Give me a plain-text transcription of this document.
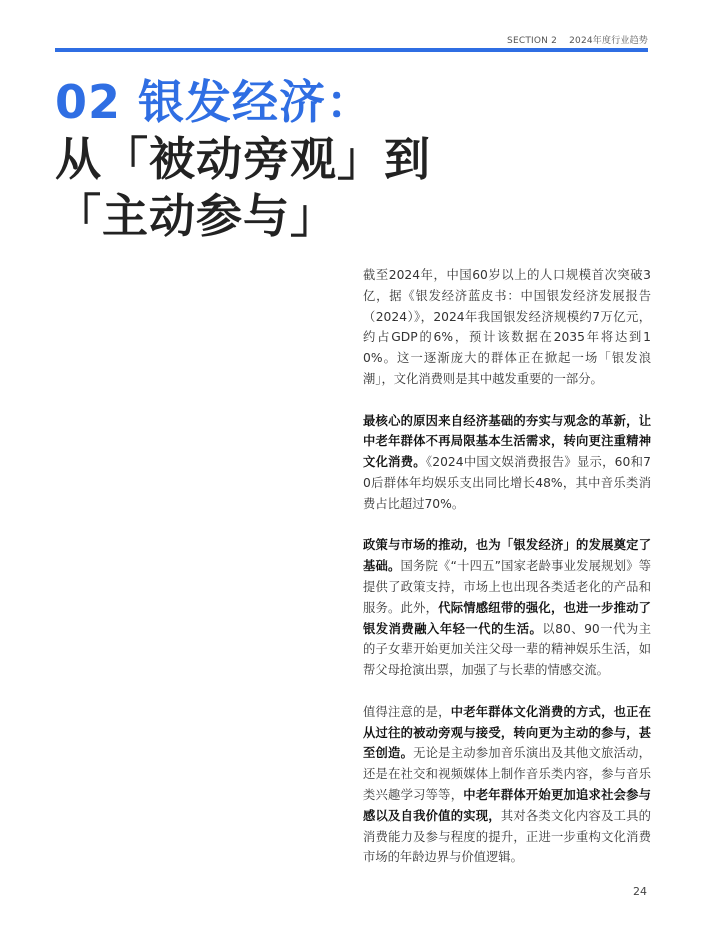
SECTION 2 2024年度行业趋势
02 银发经济：
从「被动旁观」到
「主动参与」

截至2024年，中国60岁以上的人口规模首次突破3亿，据《银发经济蓝皮书：中国银发经济发展报告（2024）》，2024年我国银发经济规模约7万亿元，约占GDP的6%，预计该数据在2035年将达到10%。这一逐渐庞大的群体正在掀起一场「银发浪潮」，文化消费则是其中越发重要的一部分。

最核心的原因来自经济基础的夯实与观念的革新，让中老年群体不再局限基本生活需求，转向更注重精神文化消费。《2024中国文娱消费报告》显示，60和70后群体年均娱乐支出同比增长48%，其中音乐类消费占比超过70%。

政策与市场的推动，也为「银发经济」的发展奠定了基础。国务院《“十四五”国家老龄事业发展规划》等提供了政策支持，市场上也出现各类适老化的产品和服务。此外，代际情感纽带的强化，也进一步推动了银发消费融入年轻一代的生活。以80、90一代为主的子女辈开始更加关注父母一辈的精神娱乐生活，如帮父母抢演出票，加强了与长辈的情感交流。

值得注意的是，中老年群体文化消费的方式，也正在从过往的被动旁观与接受，转向更为主动的参与，甚至创造。无论是主动参加音乐演出及其他文旅活动，还是在社交和视频媒体上制作音乐类内容，参与音乐类兴趣学习等等，中老年群体开始更加追求社会参与感以及自我价值的实现，其对各类文化内容及工具的消费能力及参与程度的提升，正进一步重构文化消费市场的年龄边界与价值逻辑。

24
